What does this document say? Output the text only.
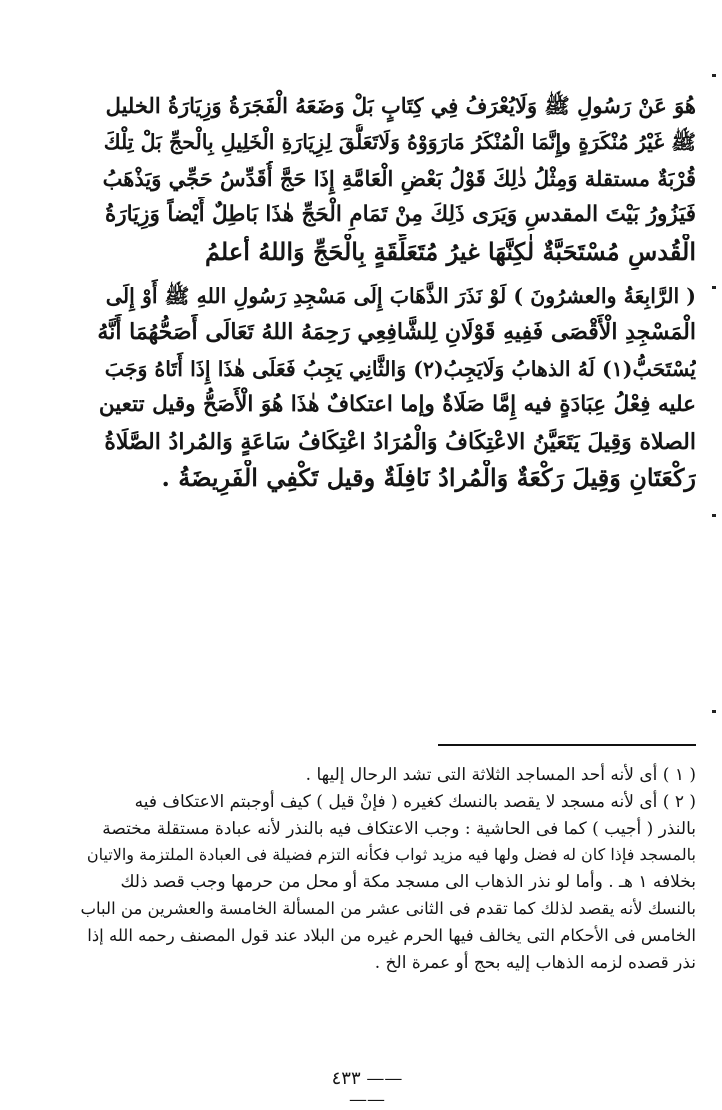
هُوَ عَنْ رَسُولِ ﷺ وَلَايُعْرَفُ فِي كِتَابٍ بَلْ وَضَعَهُ الْفَجَرَةُ وَزِيَارَةُ الخليل
ﷺ غَيْرُ مُنْكَرَةٍ وإِنَّمَا الْمُنْكَرُ مَارَوَوْهُ وَلَاتَعَلُّقَ لِزِيَارَةِ الْخَلِيلِ بِالْحجِّ بَلْ تِلْكَ
قُرْبَةٌ مستقلة وَمِثْلُ ذٰلِكَ قَوْلُ بَعْضِ الْعَامَّةِ إِذَا حَجَّ أُقَدِّسُ حَجِّي وَيَذْهَبُ
فَيَزُورُ بَيْتَ المقدسِ وَيَرَى ذَلِكَ مِنْ تَمَامِ الْحَجِّ هٰذَا بَاطِلٌ أَيْضاً وَزِيَارَةُ
الْقُدسِ مُسْتَحَبَّةٌ لٰكِنَّهَا غيرُ مُتَعَلِّقَةٍ بِالْحَجِّ وَاللهُ أعلمُ
( الرَّابِعَةُ والعشرُونَ ) لَوْ نَذَرَ الذَّهَابَ إِلَى مَسْجِدِ رَسُولِ اللهِ ﷺ أَوْ إِلَى
الْمَسْجِدِ الْأَقْصَى فَفِيهِ قَوْلَانِ لِلشَّافِعِي رَحِمَهُ اللهُ تَعَالَى أَصَحُّهُمَا أَنَّهُ
يُسْتَحَبُّ(١) لَهُ الذهابُ وَلَايَجِبُ(٢) وَالثَّانِي يَجِبُ فَعَلَى هٰذَا إِذَا أَتَاهُ وَجَبَ
عليه فِعْلُ عِبَادَةٍ فيه إِمَّا صَلَاةٌ وإما اعتكافٌ هٰذَا هُوَ الْأَصَحُّ وقيل تتعين
الصلاة وَقِيلَ يَتَعَيَّنُ الاعْتِكَافُ وَالْمُرَادُ اعْتِكَافُ سَاعَةٍ وَالمُرادُ الصَّلَاةُ
رَكْعَتَانِ وَقِيلَ رَكْعَةٌ وَالْمُرادُ نَافِلَةٌ وقيل تَكْفِي الْفَرِيضَةُ .
( ١ ) أى لأنه أحد المساجد الثلاثة التى تشد الرحال إليها .
( ٢ ) أى لأنه مسجد لا يقصد بالنسك كغيره ( فإنْ قيل ) كيف أوجبتم الاعتكاف فيه
بالنذر ( أجيب ) كما فى الحاشية : وجب الاعتكاف فيه بالنذر لأنه عبادة مستقلة مختصة
بالمسجد فإذا كان له فضل ولها فيه مزيد ثواب فكأنه التزم فضيلة فى العبادة الملتزمة والاتيان
بخلافه ١ هـ . وأما لو نذر الذهاب الى مسجد مكة أو محل من حرمها وجب قصد ذلك
بالنسك لأنه يقصد لذلك كما تقدم فى الثانى عشر من المسألة الخامسة والعشرين من الباب
الخامس فى الأحكام التى يخالف فيها الحرم غيره من البلاد عند قول المصنف رحمه الله إذا
نذر قصده لزمه الذهاب إليه بحج أو عمرة الخ .
—— ٤٣٣ ——
